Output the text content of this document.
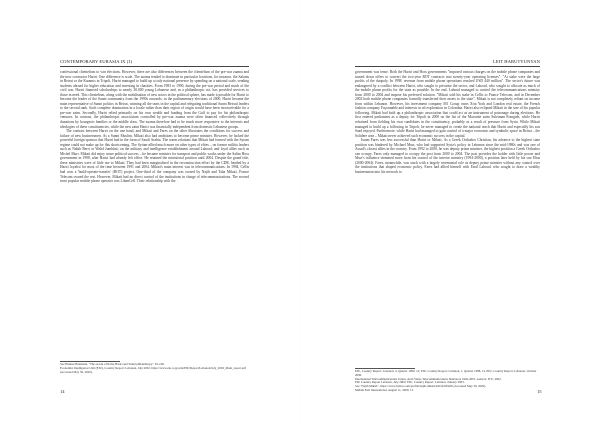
CONTEMPORARY EURASIA IX (1)

confessional clientelism to win elections. However, there are also differences between the clientelism of the pre-war zuama and the new contractor Hariri. One difference is scale. The zuama tended to dominate in particular locations, for instance, the Salams in Beirut or the Karamis in Tripoli. Hariri managed to build up a truly national presence by spending on a national scale, sending students abroad for higher education and investing in charities. From 1983 to 1990, during the pre-war period and much of the civil war, Hariri financed scholarships to nearly 30,000 young Lebanese and, as a philanthropic act, has provided services to those in need. This clientelism, along with the mobilisation of new actors in the political sphere, has made it possible for Hariri to become the leader of the Sunni community from the 1990s onwards; in the parliamentary elections of 2000, Hariri became the main representative of Sunni politics in Beirut, winning all the seats in the capital and relegating traditional Sunni Beiruti leaders to the second rank. Such complete domination in a locale rather than their region of origin would have been inconceivable for a pre-war zaim. Secondly, Hariri relied primarily on his own wealth and funding from the Gulf to pay for his philanthropic ventures. In contrast, the philanthropic associations controlled by pre-war zuama were often financed collectively through donations by bourgeois families or the middle class. The zuama therefore had to be much more responsive to the interests and ideologies of these constituencies, while the new zaim Hariri was financially independent from domestic Lebanese groups.

The contrast between Hariri on the one hand, and Mikati and Fares on the other illustrates the conditions for success and failure of new businessmen. As a Sunni Muslim, Mikati also had ambitions to become prime minister. However, he lacked the powerful foreign sponsor that Hariri had in the form of Saudi Arabia. The warm relations that Mikati had formed with the Syrian regime could not make up for this shortcoming. The Syrian-allied much more on other types of elites – on former militia leaders such as Nabih Berri or Walid Jumblatt; on the military and intelligence establishment around Lahoud; and loyal allies such as Michel Murr. Mikati did enjoy some political success – he became minister for transport and public works under the Salim Hoss government in 1998, after Hariri had already left office. He retained the ministerial position until 2004. Despite the grand title, these ministries were of little use to Mikati. They had been marginalised in the reconstruction effort by the CDR, headed by a Hariri loyalist for most of the time between 1991 and 2004. Mikati's main interest was in telecommunications. In 1994, Cellis had won a 'build-operate-transfer' (BOT) project. One-third of the company was owned by Najib and Taha Mikati, France Telecom owned the rest. However, Mikati had no direct control of the institutions in charge of telecommunications. The second most popular mobile phone operator was LibanCell. Their relationship with the

See Hannes Baumann, "The ascent of Rafiq Hariri and Sunni philanthropy", 81-106.

Economist Intelligence Unit (EIU), Country Report: Lebanon, July 2002. https://www.eiu.co.jp/edu/EIU/Report/Lebanon/July_2002_Main_report.pdf (Accessed May 30, 2020).

14
LEIT HARUTYUNYAN

government was tense. Both the Hariri and Hoss governments "imposed various charges on the mobile phone companies and turned down offers to convert the two-year BOT contracts into twenty-year operating licenses". "At stake were the large profits of the duopoly. In 1998, revenue from mobile phone operations reached USD 440 million". The sector's future was endangered by a conflict between Hariri, who sought to privatise the sector, and Lahoud, who sought to allocate as much of the mobile phone profits for the state as possible. In the end, Lahoud managed to control the telecommunications ministry from 2000 to 2004 and impose his preferred solution. "Mikati sold his stake in Cellis to France Telecom, and in December 2002 both mobile phone companies formally transferred their assets to the state". Mikati is not completely reliant on income from within Lebanon. However, his investment company M1 Group owns Xtra York and London real estate, the French fashion company Façonnable and interests in oil exploration in Colombia. Hariri also eclipsed Mikati in the size of his popular following. Mikati had built up a philanthropic association that could act as an instrument of patronage during elections. He first entered parliament as a deputy for Tripoli in 2000 on the list of the Maronite zaim Suleiman Frangieh, while Hariri refrained from fielding his own candidates in the constituency, probably as a result of pressure from Syria. While Mikati managed to build up a following in Tripoli, he never managed to create the national reach that Hariri and especially his son Saad enjoyed. Furthermore, while Hariri had managed to gain control of a major economic and symbolic space in Beirut – the Solidere area – Mikati never achieved such economic success in the capital.

Issam Fares was less successful than Hariri or Mikati. As a Greek Orthodox Christian, his advance to the highest state position was hindered by Michael Murr, who had supported Syria's policy in Lebanon since the mid-1980s and was one of Assad's closest allies in the country. From 1992 to 2000, he was deputy prime minister, the highest position a Greek Orthodox can occupy. Fares only managed to occupy the post from 2000 to 2004. The post provides the holder with little power and Murr's influence stemmed more from his control of the interior ministry (1994-2000), a position later held by his son Elias (2000-2004). Fares, meanwhile, was stuck with a largely ceremonial role as deputy prime minister without any control over the institutions that shaped economic policy. Fares had allied himself with Emil Lahoud, who sought to draw a wealthy businessman into his network to

EIU, Country Report: Lebanon, 4, Quarter 1999. 14; EIU, Country Report: Lebanon, 1, Quarter 1998, 14. EIU, Country Report: Lebanon, October 2000.

International Telecommunications Union, Arab States Telecommunications Indicators 1992-2001, Geneva: ITU, 2002.

EIU Country Report Lebanon, July 2002; EIU, Country Report: Lebanon, January 2003.

See "Najib Mikati", https://www.forbes.com/profile/najib-mikati/#41f4d1f9af6 (Accessed May 30, 2020).

Middle East International, August 11, 2000, 13.	15
